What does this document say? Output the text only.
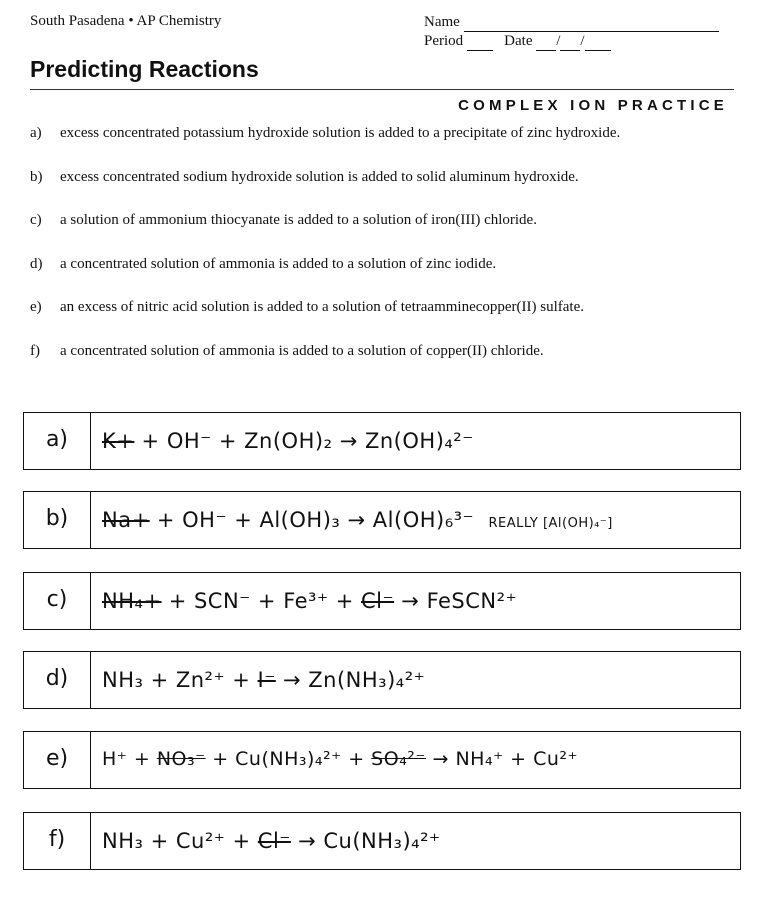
South Pasadena • AP Chemistry	Name
Period	Date / /
Predicting Reactions
COMPLEX ION PRACTICE
a) excess concentrated potassium hydroxide solution is added to a precipitate of zinc hydroxide.
b) excess concentrated sodium hydroxide solution is added to solid aluminum hydroxide.
c) a solution of ammonium thiocyanate is added to a solution of iron(III) chloride.
d) a concentrated solution of ammonia is added to a solution of zinc iodide.
e) an excess of nitric acid solution is added to a solution of tetraamminecopper(II) sulfate.
f) a concentrated solution of ammonia is added to a solution of copper(II) chloride.
a)	K+ + OH⁻ + Zn(OH)₂ → Zn(OH)₄²⁻
b)	Na+ + OH⁻ + Al(OH)₃ → Al(OH)₆³⁻ REALLY [Al(OH)₄⁻]
c)	NH₄+ + SCN⁻ + Fe³⁺ + Cl⁻ → FeSCN²⁺
d)	NH₃ + Zn²⁺ + I⁻ → Zn(NH₃)₄²⁺
e)	H⁺ + NO₃⁻ + Cu(NH₃)₄²⁺ + SO₄²⁻ → NH₄⁺ + Cu²⁺
f)	NH₃ + Cu²⁺ + Cl⁻ → Cu(NH₃)₄²⁺
